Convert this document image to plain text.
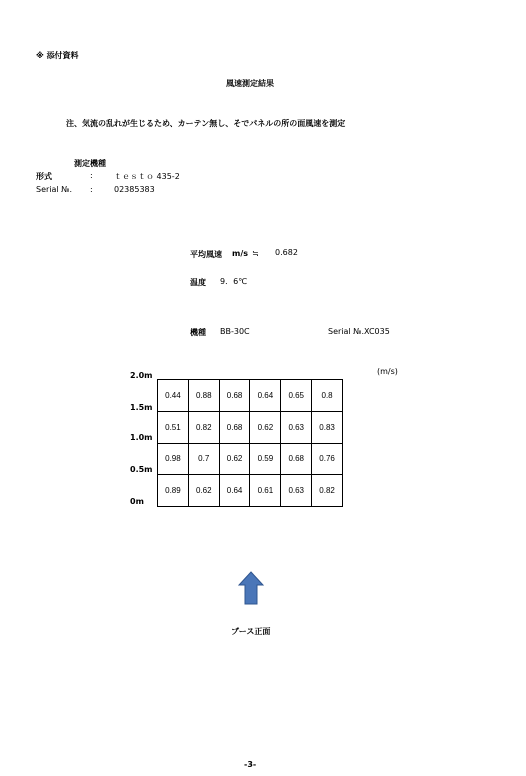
※ 添付資料
風速測定結果
注、気流の乱れが生じるため、カーテン無し、そでパネルの所の面風速を測定
測定機種
形式	:	ｔｅｓｔｏ 435-2
Serial №. :	02385383
平均風速 m/s ≒ 0.682
温度 9．6℃
機種 BB-30C	Serial №.XC035
(m/s)
2.0m
1.5m
1.0m
0.5m
0m
0.44	0.88	0.68	0.64	0.65	0.8
0.51	0.82	0.68	0.62	0.63	0.83
0.98	0.7	0.62	0.59	0.68	0.76
0.89	0.62	0.64	0.61	0.63	0.82
ブース正面
-3-
